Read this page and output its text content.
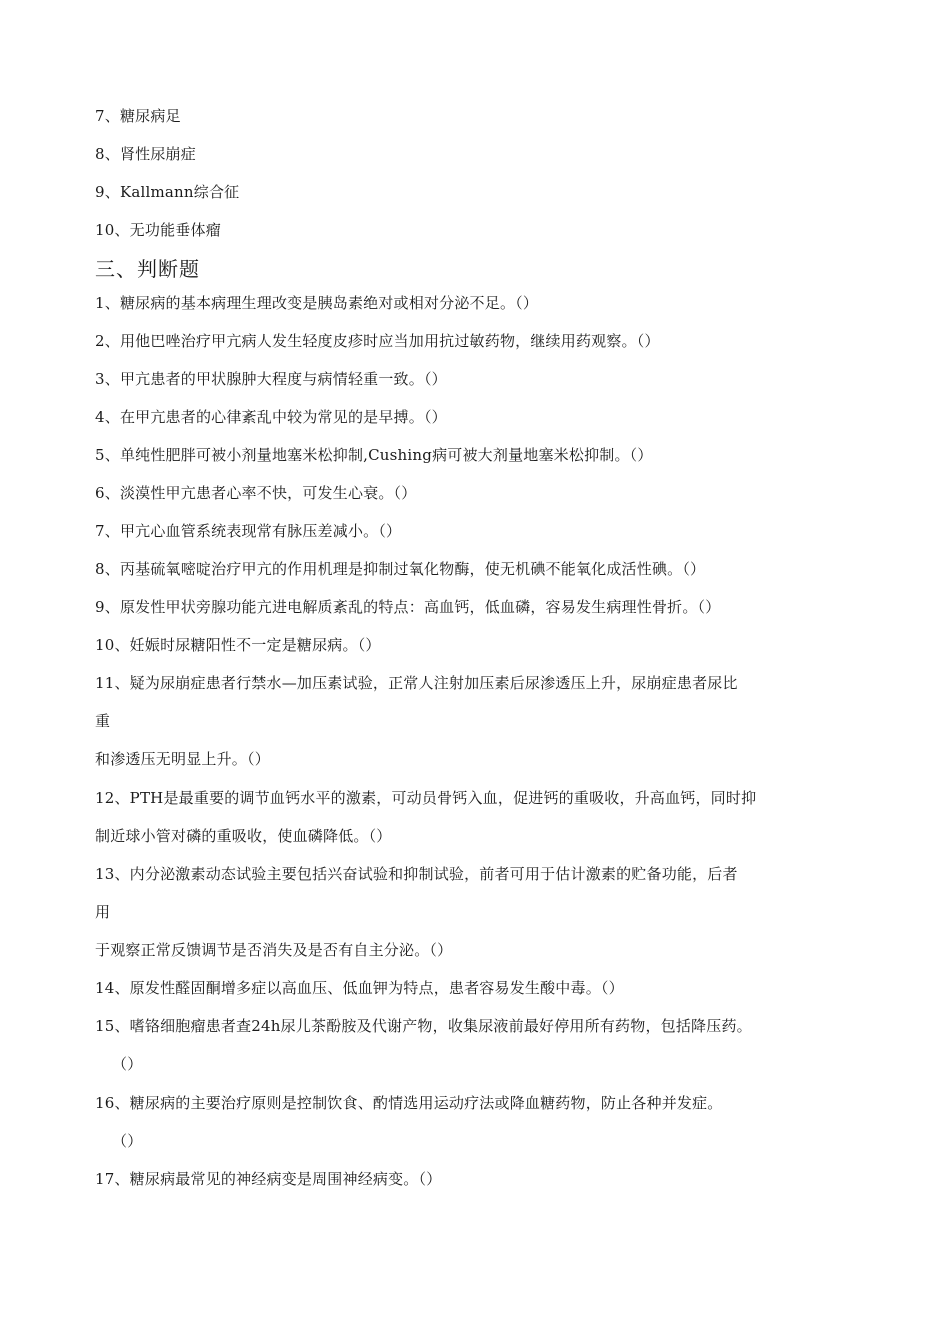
7、糖尿病足
8、肾性尿崩症
9、Kallmann综合征
10、无功能垂体瘤
三、判断题
1、糖尿病的基本病理生理改变是胰岛素绝对或相对分泌不足。（）
2、用他巴唑治疗甲亢病人发生轻度皮疹时应当加用抗过敏药物，继续用药观察。（）
3、甲亢患者的甲状腺肿大程度与病情轻重一致。（）
4、在甲亢患者的心律紊乱中较为常见的是早搏。（）
5、单纯性肥胖可被小剂量地塞米松抑制,Cushing病可被大剂量地塞米松抑制。（）
6、淡漠性甲亢患者心率不快，可发生心衰。（）
7、甲亢心血管系统表现常有脉压差减小。（）
8、丙基硫氧嘧啶治疗甲亢的作用机理是抑制过氧化物酶，使无机碘不能氧化成活性碘。（）
9、原发性甲状旁腺功能亢进电解质紊乱的特点：高血钙，低血磷，容易发生病理性骨折。（）
10、妊娠时尿糖阳性不一定是糖尿病。（）
11、疑为尿崩症患者行禁水—加压素试验，正常人注射加压素后尿渗透压上升，尿崩症患者尿比
重
和渗透压无明显上升。（）
12、PTH是最重要的调节血钙水平的激素，可动员骨钙入血，促进钙的重吸收，升高血钙，同时抑
制近球小管对磷的重吸收，使血磷降低。（）
13、内分泌激素动态试验主要包括兴奋试验和抑制试验，前者可用于估计激素的贮备功能，后者
用
于观察正常反馈调节是否消失及是否有自主分泌。（）
14、原发性醛固酮增多症以高血压、低血钾为特点，患者容易发生酸中毒。（）
15、嗜铬细胞瘤患者查24h尿儿茶酚胺及代谢产物，收集尿液前最好停用所有药物，包括降压药。
（）
16、糖尿病的主要治疗原则是控制饮食、酌情选用运动疗法或降血糖药物，防止各种并发症。
（）
17、糖尿病最常见的神经病变是周围神经病变。（）
